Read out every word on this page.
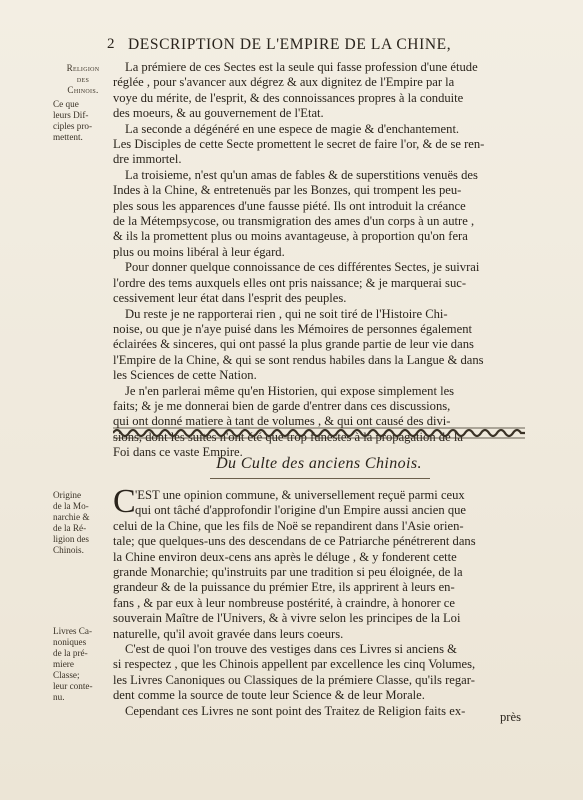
2 DESCRIPTION DE L'EMPIRE DE LA CHINE,
Religion
des
Chinois.
Ce que
leurs Dif-
ciples pro-
mettent.
Origine
de la Mo-
narchie &
de la Ré-
ligion des
Chinois.
Livres Ca-
noniques
de la pré-
miere
Classe;
leur conte-
nu.
La prémiere de ces Sectes est la seule qui fasse profession d'une étude
réglée , pour s'avancer aux dégrez & aux dignitez de l'Empire par la
voye du mérite, de l'esprit, & des connoissances propres à la conduite
des moeurs, & au gouvernement de l'Etat.
La seconde a dégénéré en une espece de magie & d'enchantement.
Les Disciples de cette Secte promettent le secret de faire l'or, & de se ren-
dre immortel.
La troisieme, n'est qu'un amas de fables & de superstitions venuës des
Indes à la Chine, & entretenuës par les Bonzes, qui trompent les peu-
ples sous les apparences d'une fausse piété. Ils ont introduit la créance
de la Métempsycose, ou transmigration des ames d'un corps à un autre ,
& ils la promettent plus ou moins avantageuse, à proportion qu'on fera
plus ou moins libéral à leur égard.
Pour donner quelque connoissance de ces différentes Sectes, je suivrai
l'ordre des tems auxquels elles ont pris naissance; & je marquerai suc-
cessivement leur état dans l'esprit des peuples.
Du reste je ne rapporterai rien , qui ne soit tiré de l'Histoire Chi-
noise, ou que je n'aye puisé dans les Mémoires de personnes également
éclairées & sinceres, qui ont passé la plus grande partie de leur vie dans
l'Empire de la Chine, & qui se sont rendus habiles dans la Langue & dans
les Sciences de cette Nation.
Je n'en parlerai même qu'en Historien, qui expose simplement les
faits; & je me donnerai bien de garde d'entrer dans ces discussions,
qui ont donné matiere à tant de volumes , & qui ont causé des divi-
sions, dont les suites n'ont été que trop funestes à la propagation de la
Foi dans ce vaste Empire.
Du Culte des anciens Chinois.
C 'EST une opinion commune, & universellement reçuë parmi ceux
qui ont tâché d'approfondir l'origine d'un Empire aussi ancien que
celui de la Chine, que les fils de Noë se repandirent dans l'Asie orien-
tale; que quelques-uns des descendans de ce Patriarche pénétrerent dans
la Chine environ deux-cens ans après le déluge , & y fonderent cette
grande Monarchie; qu'instruits par une tradition si peu éloignée, de la
grandeur & de la puissance du prémier Etre, ils apprirent à leurs en-
fans , & par eux à leur nombreuse postérité, à craindre, à honorer ce
souverain Maître de l'Univers, & à vivre selon les principes de la Loi
naturelle, qu'il avoit gravée dans leurs coeurs.
C'est de quoi l'on trouve des vestiges dans ces Livres si anciens &
si respectez , que les Chinois appellent par excellence les cinq Volumes,
les Livres Canoniques ou Classiques de la prémiere Classe, qu'ils regar-
dent comme la source de toute leur Science & de leur Morale.
Cependant ces Livres ne sont point des Traitez de Religion faits ex-	près
